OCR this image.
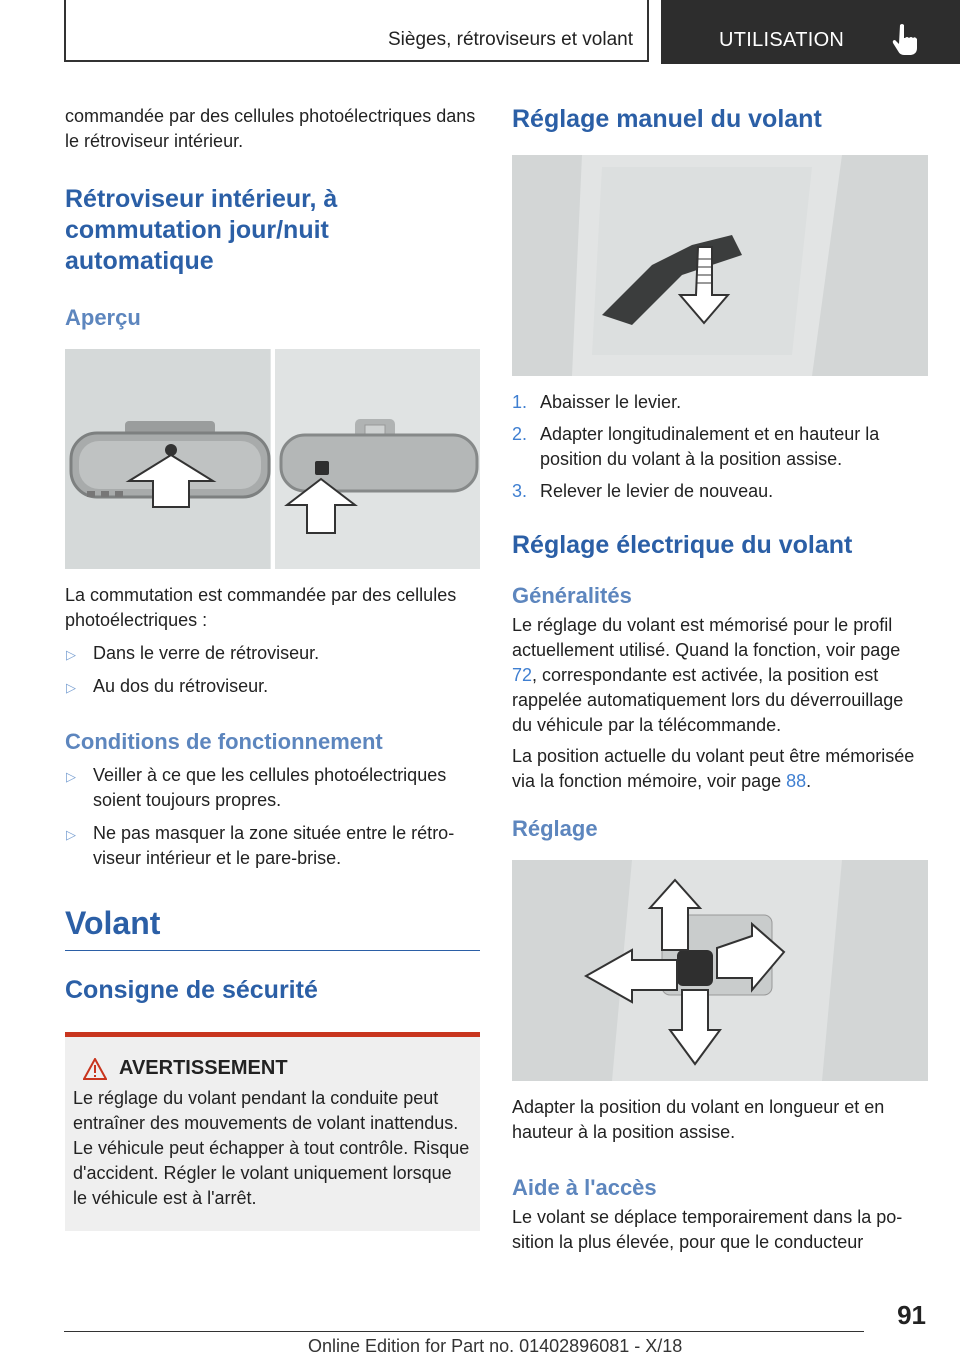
Sièges, rétroviseurs et volant	UTILISATION

commandée par des cellules photoélectriques dans le rétroviseur intérieur.

Rétroviseur intérieur, à commutation jour/nuit automatique
Aperçu

La commutation est commandée par des cellules photoélectriques :

▷ Dans le verre de rétroviseur.
▷ Au dos du rétroviseur.
Conditions de fonctionnement
▷ Veiller à ce que les cellules photoélectriques soient toujours propres.
▷ Ne pas masquer la zone située entre le rétroviseur intérieur et le pare-brise.
Volant
Consigne de sécurité
AVERTISSEMENT

Le réglage du volant pendant la conduite peut entraîner des mouvements de volant inattendus. Le véhicule peut échapper à tout contrôle. Risque d'accident. Régler le volant uniquement lorsque le véhicule est à l'arrêt.

Réglage manuel du volant
1. Abaisser le levier.
2. Adapter longitudinalement et en hauteur la position du volant à la position assise.
3. Relever le levier de nouveau.
Réglage électrique du volant
Généralités

Le réglage du volant est mémorisé pour le profil actuellement utilisé. Quand la fonction, voir page 72, correspondante est activée, la position est rappelée automatiquement lors du déverrouillage du véhicule par la télécommande.

La position actuelle du volant peut être mémorisée via la fonction mémoire, voir page 88.

Réglage

Adapter la position du volant en longueur et en hauteur à la position assise.

Aide à l'accès

Le volant se déplace temporairement dans la position la plus élevée, pour que le conducteur

91
Online Edition for Part no. 01402896081 - X/18
